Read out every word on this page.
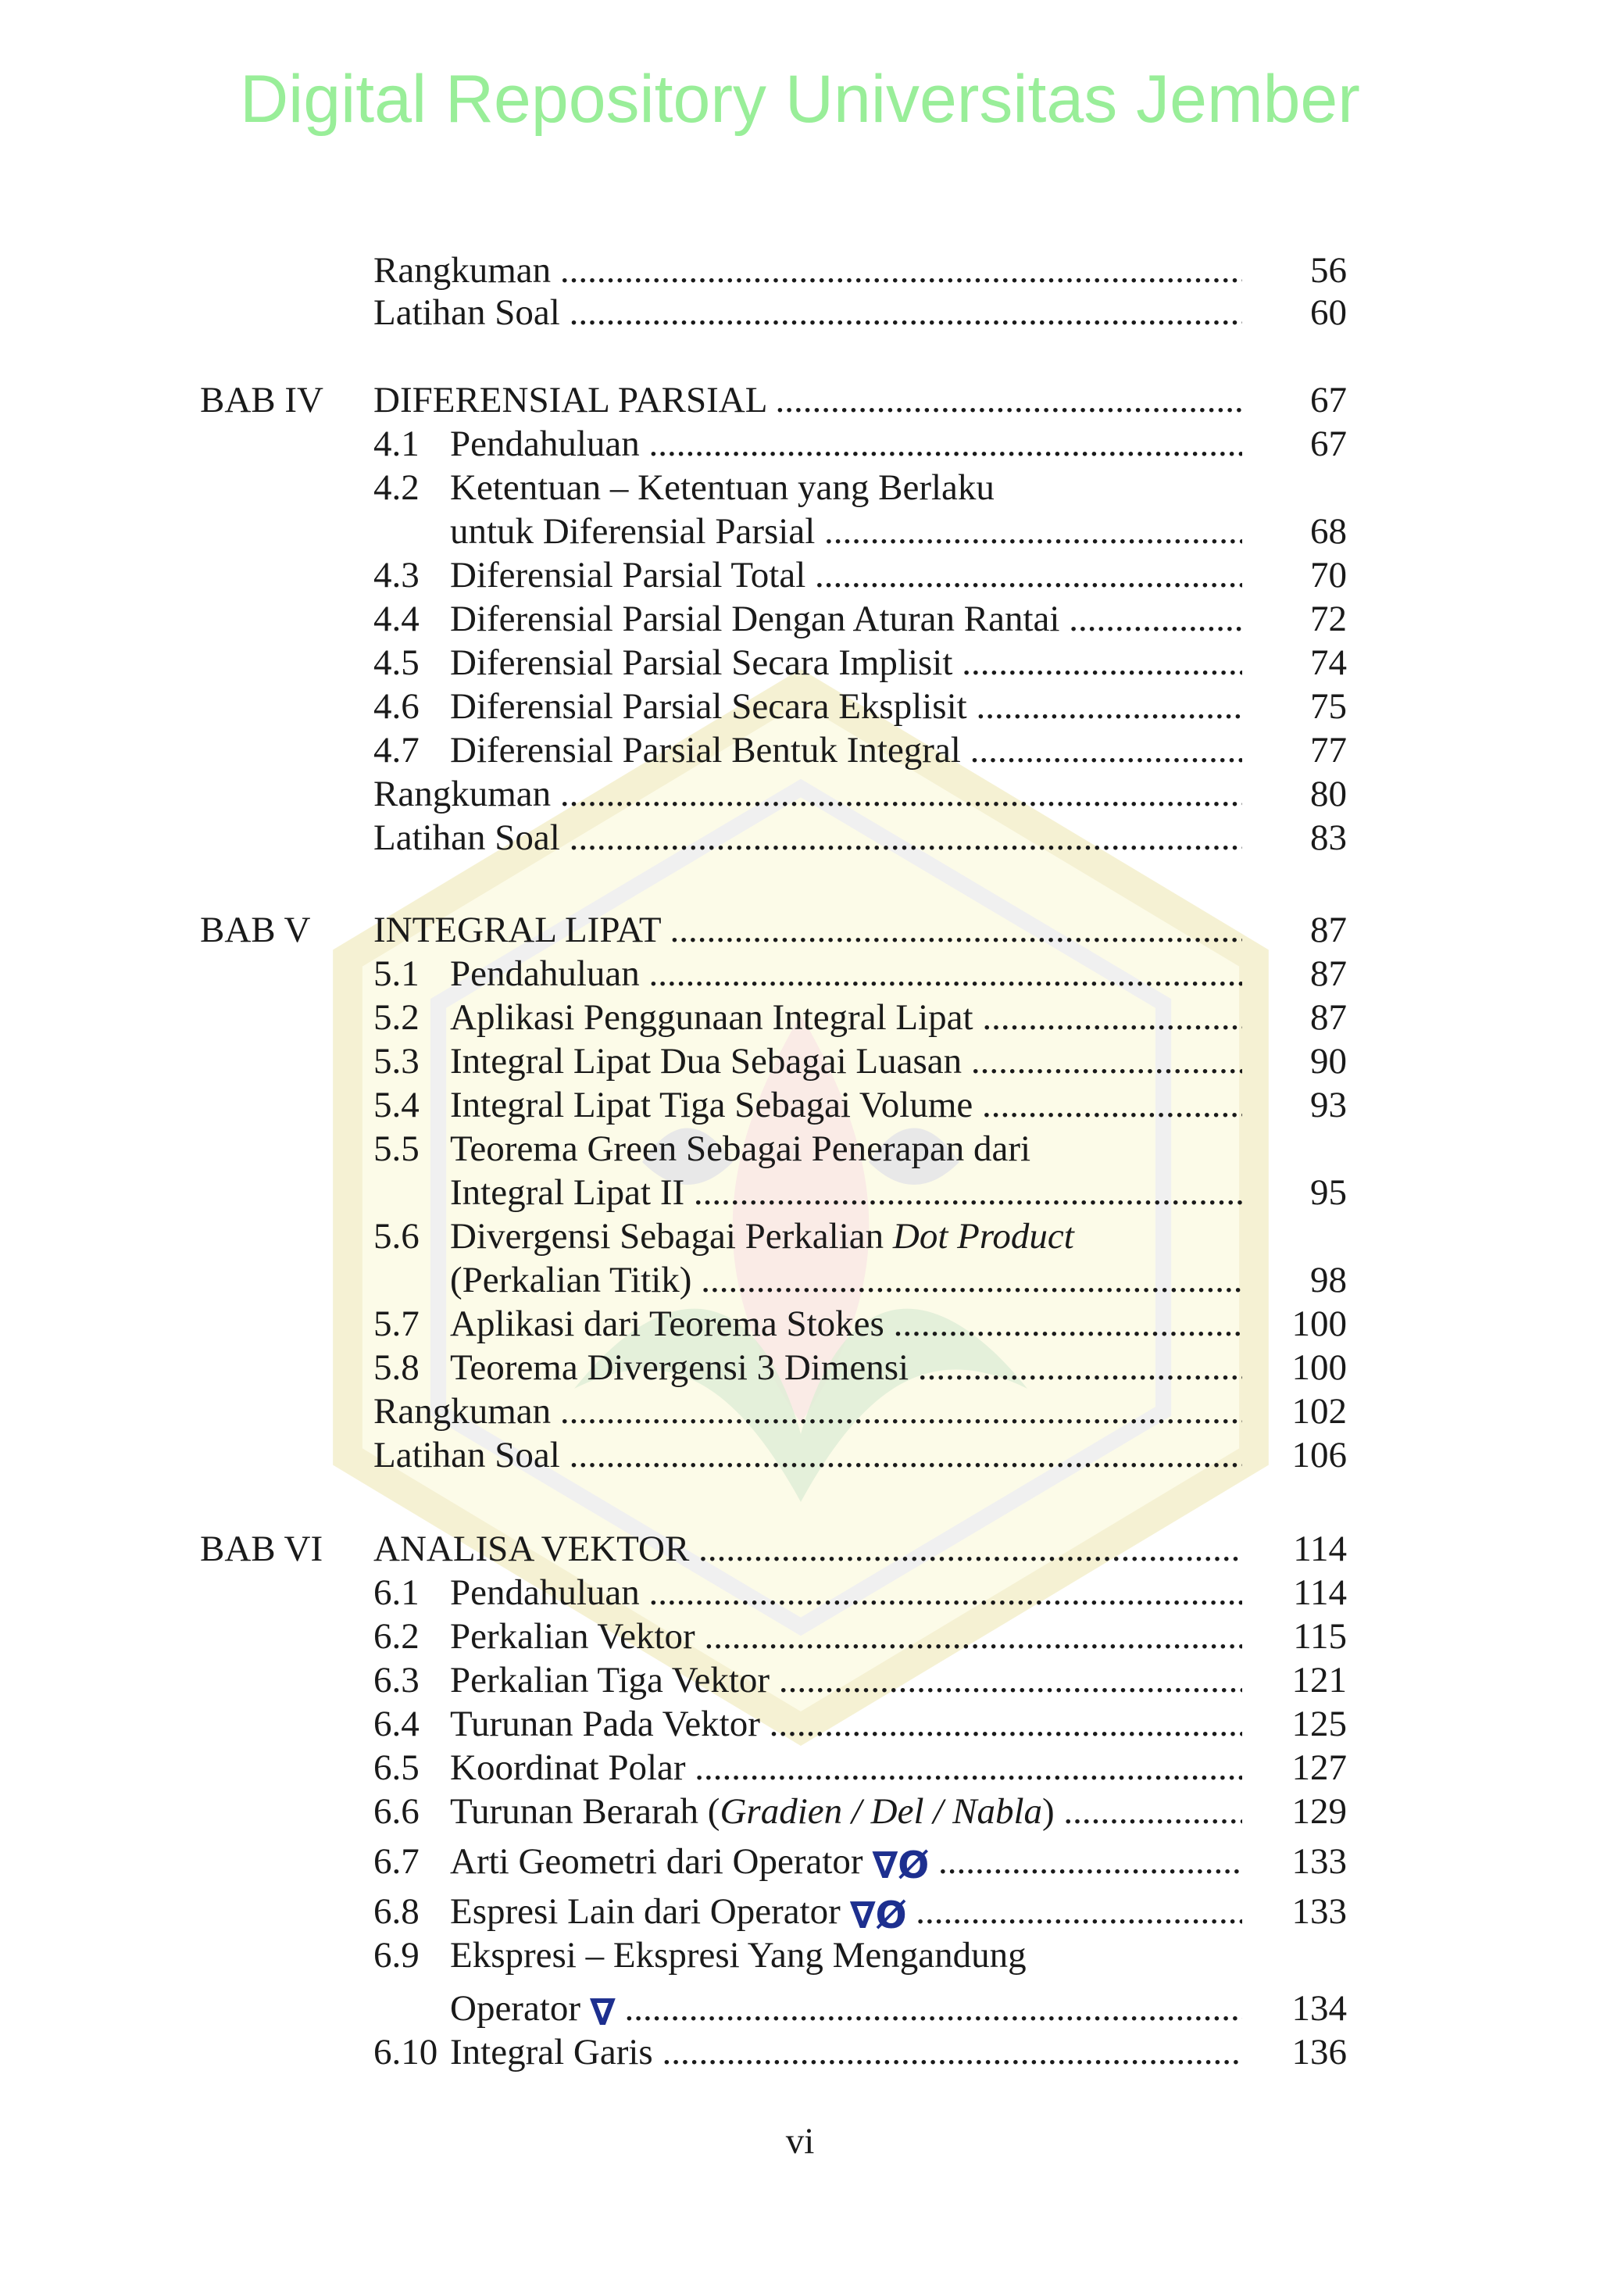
Digital Repository Universitas Jember
Rangkuman .....	56
Latihan Soal .....	60
BAB IV DIFERENSIAL PARSIAL .....	67
4.1 Pendahuluan .....	67
4.2 Ketentuan – Ketentuan yang Berlaku
untuk Diferensial Parsial .....	68
4.3 Diferensial Parsial Total .....	70
4.4 Diferensial Parsial Dengan Aturan Rantai .....	72
4.5 Diferensial Parsial Secara Implisit .....	74
4.6 Diferensial Parsial Secara Eksplisit .....	75
4.7 Diferensial Parsial Bentuk Integral .....	77
Rangkuman .....	80
Latihan Soal .....	83
BAB V INTEGRAL LIPAT .....	87
5.1 Pendahuluan .....	87
5.2 Aplikasi Penggunaan Integral Lipat .....	87
5.3 Integral Lipat Dua Sebagai Luasan .....	90
5.4 Integral Lipat Tiga Sebagai Volume .....	93
5.5 Teorema Green Sebagai Penerapan dari
Integral Lipat II .....	95
5.6 Divergensi Sebagai Perkalian Dot Product
(Perkalian Titik) .....	98
5.7 Aplikasi dari Teorema Stokes .....	100
5.8 Teorema Divergensi 3 Dimensi .....	100
Rangkuman .....	102
Latihan Soal .....	106
BAB VI ANALISA VEKTOR .....	114
6.1 Pendahuluan .....	114
6.2 Perkalian Vektor .....	115
6.3 Perkalian Tiga Vektor .....	121
6.4 Turunan Pada Vektor .....	125
6.5 Koordinat Polar .....	127
6.6 Turunan Berarah (Gradien / Del / Nabla) .....	129
6.7 Arti Geometri dari Operator ∇Ø .....	133
6.8 Espresi Lain dari Operator ∇Ø .....	133
6.9 Ekspresi – Ekspresi Yang Mengandung
Operator ∇ .....	134
6.10 Integral Garis .....	136
vi
